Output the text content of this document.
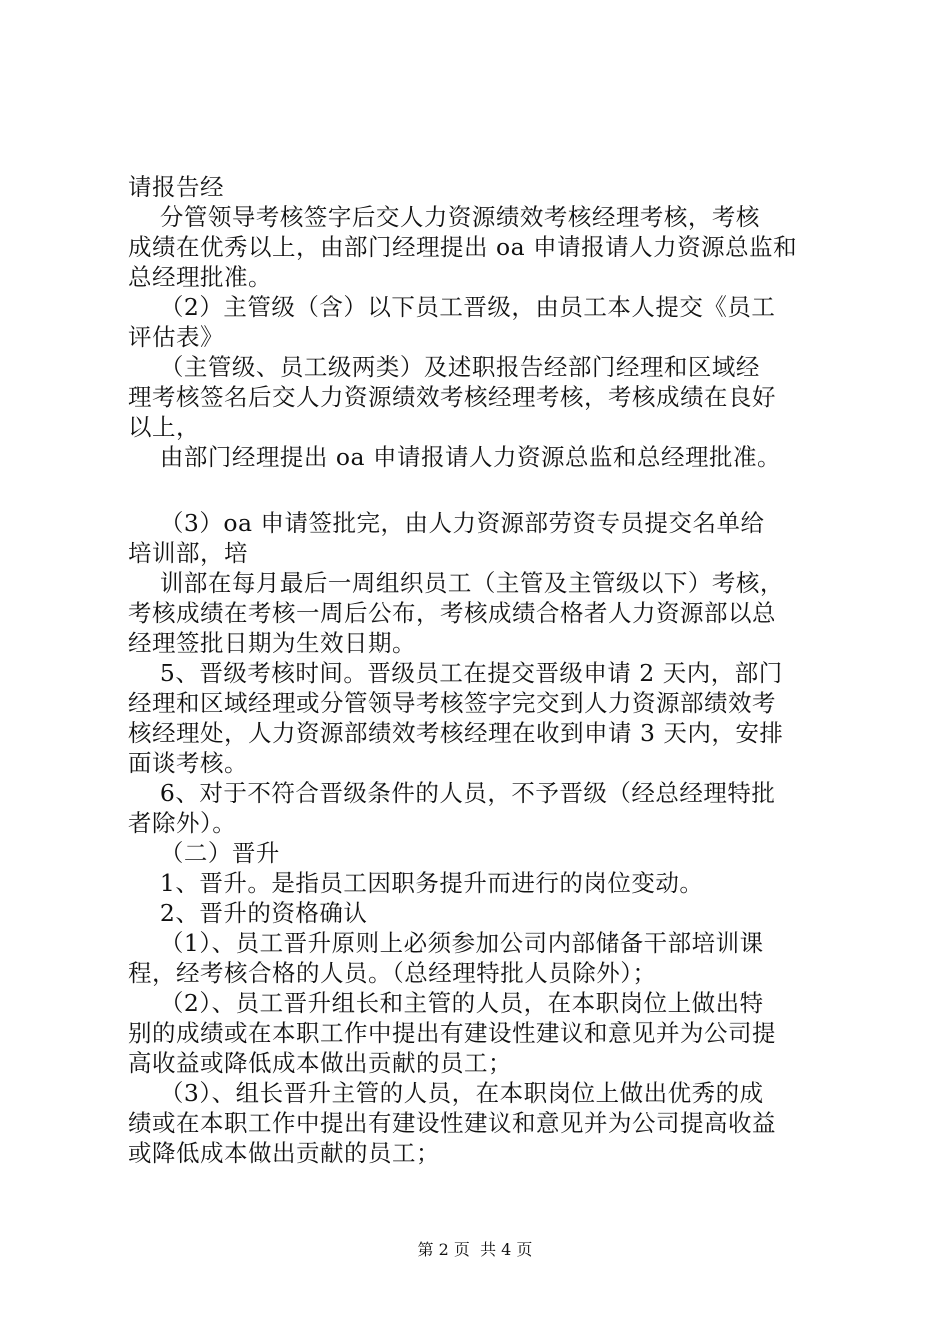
请报告经
分管领导考核签字后交人力资源绩效考核经理考核，考核
成绩在优秀以上，由部门经理提出 oa 申请报请人力资源总监和
总经理批准。
（2）主管级（含）以下员工晋级，由员工本人提交《员工
评估表》
（主管级、员工级两类）及述职报告经部门经理和区域经
理考核签名后交人力资源绩效考核经理考核，考核成绩在良好
以上，
由部门经理提出 oa 申请报请人力资源总监和总经理批准。
（3）oa 申请签批完，由人力资源部劳资专员提交名单给
培训部，培
训部在每月最后一周组织员工（主管及主管级以下）考核，
考核成绩在考核一周后公布，考核成绩合格者人力资源部以总
经理签批日期为生效日期。
5、晋级考核时间。晋级员工在提交晋级申请 2 天内，部门
经理和区域经理或分管领导考核签字完交到人力资源部绩效考
核经理处，人力资源部绩效考核经理在收到申请 3 天内，安排
面谈考核。
6、对于不符合晋级条件的人员，不予晋级（经总经理特批
者除外）。
（二）晋升
1、晋升。是指员工因职务提升而进行的岗位变动。
2、晋升的资格确认
（1）、员工晋升原则上必须参加公司内部储备干部培训课
程，经考核合格的人员。（总经理特批人员除外）；
（2）、员工晋升组长和主管的人员，在本职岗位上做出特
别的成绩或在本职工作中提出有建设性建议和意见并为公司提
高收益或降低成本做出贡献的员工；
（3）、组长晋升主管的人员，在本职岗位上做出优秀的成
绩或在本职工作中提出有建设性建议和意见并为公司提高收益
或降低成本做出贡献的员工；
第 2 页  共 4 页
